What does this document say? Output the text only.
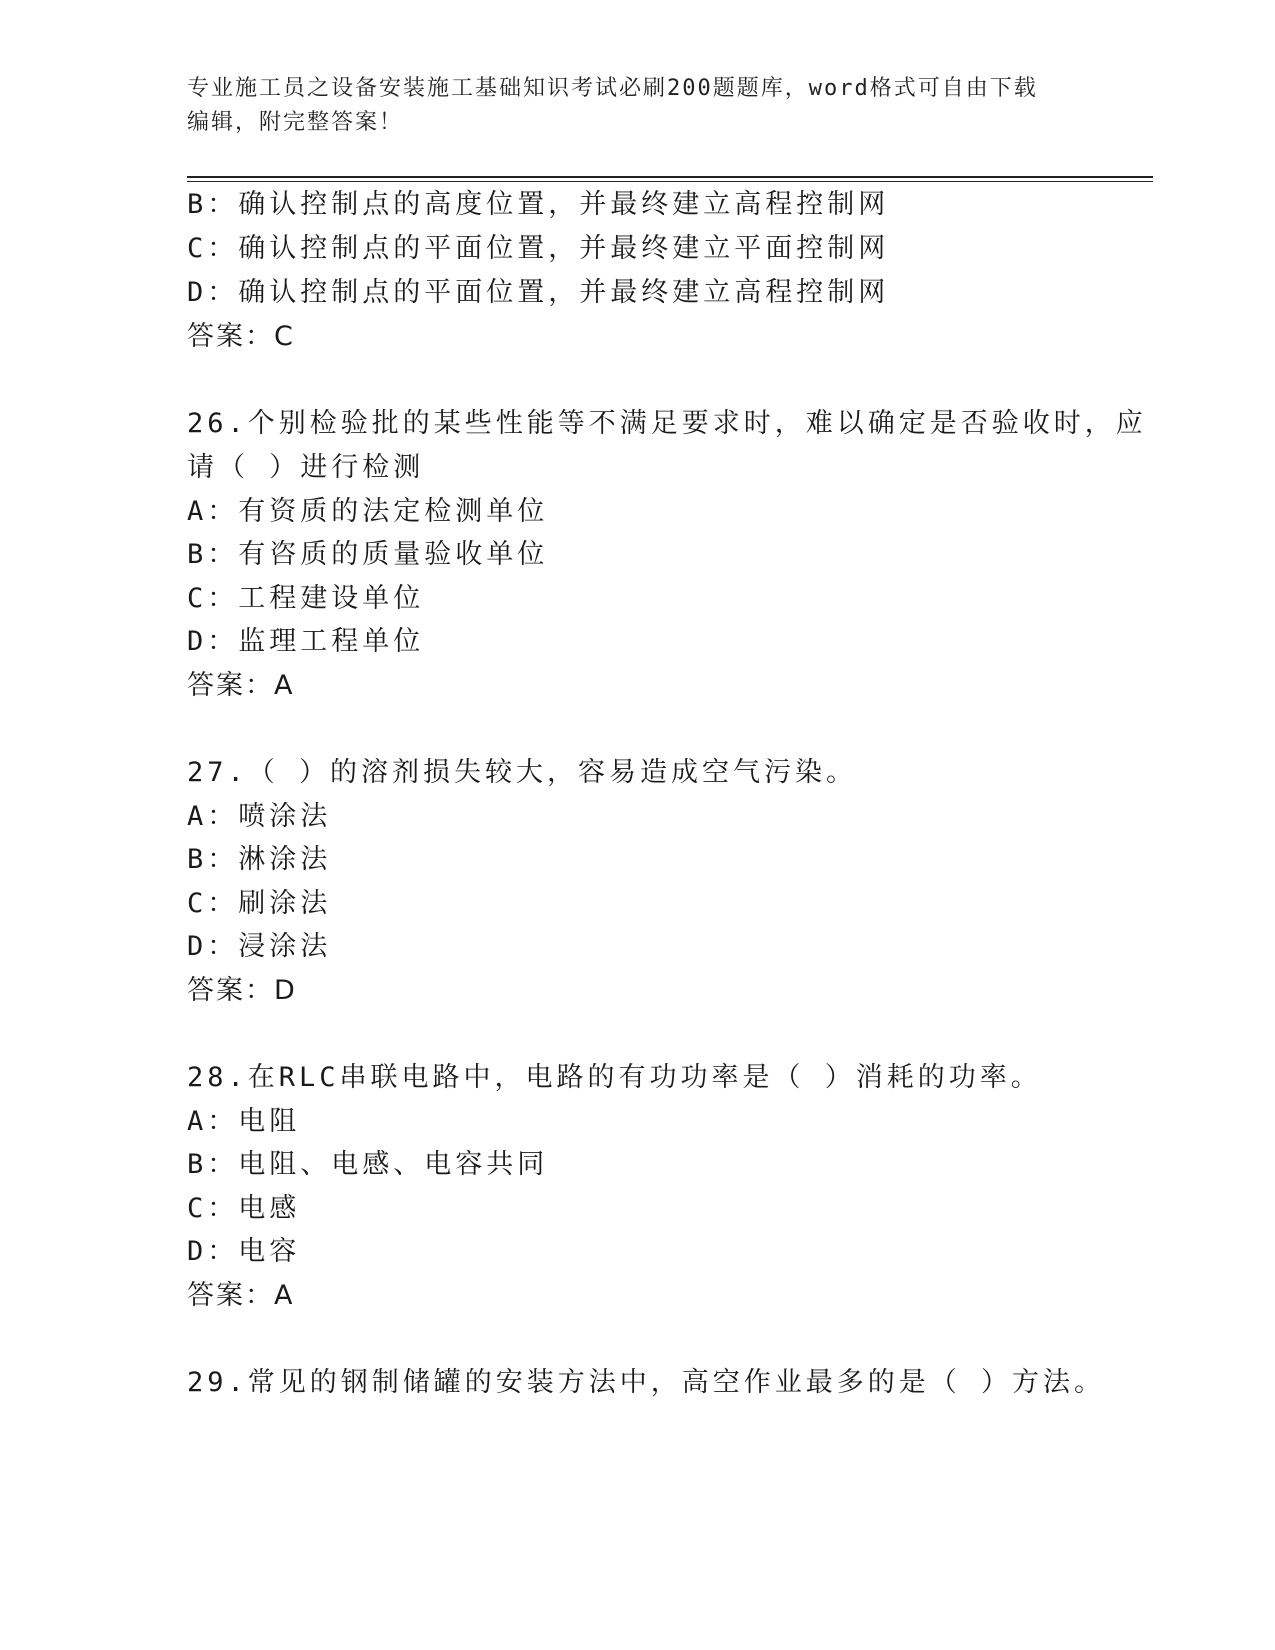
专业施工员之设备安装施工基础知识考试必刷200题题库，word格式可自由下载
编辑，附完整答案！
B：确认控制点的高度位置，并最终建立高程控制网
C：确认控制点的平面位置，并最终建立平面控制网
D：确认控制点的平面位置，并最终建立高程控制网
答案：C
26.个别检验批的某些性能等不满足要求时，难以确定是否验收时，应
请（ ）进行检测
A：有资质的法定检测单位
B：有咨质的质量验收单位
C：工程建设单位
D：监理工程单位
答案：A
27.（ ）的溶剂损失较大，容易造成空气污染。
A：喷涂法
B：淋涂法
C：刷涂法
D：浸涂法
答案：D
28.在RLC串联电路中，电路的有功功率是（ ）消耗的功率。
A：电阻
B：电阻、电感、电容共同
C：电感
D：电容
答案：A
29.常见的钢制储罐的安装方法中，高空作业最多的是（ ）方法。
